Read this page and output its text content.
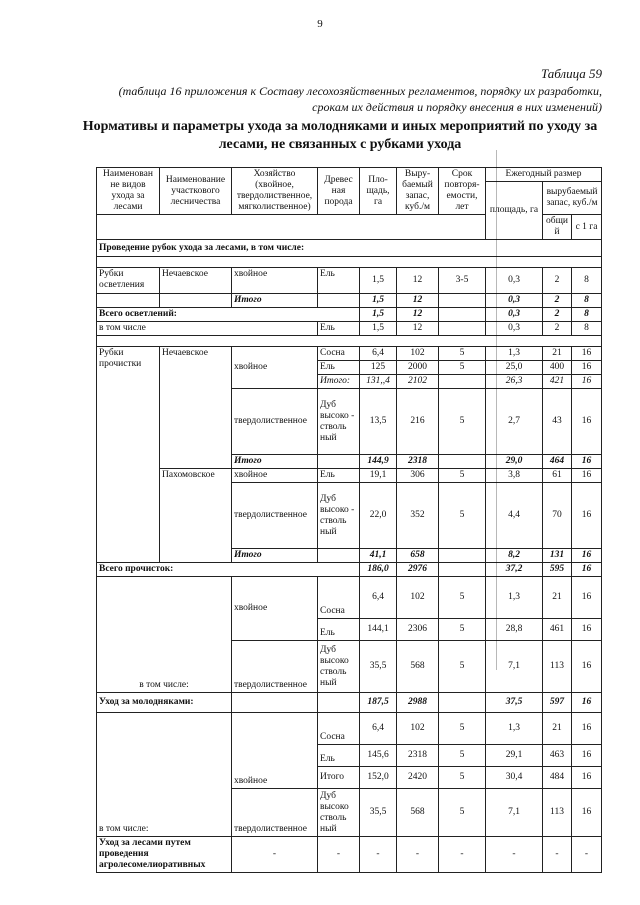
9
Таблица 59
(таблица 16 приложения к Составу лесохозяйственных регламентов, порядку их разработки, срокам их действия и порядку внесения в них изменений)
Нормативы и параметры ухода за молодняками и иных мероприятий по уходу за лесами, не связанных с рубками ухода
Наименован не видов ухода за лесами	Наименование участкового лесничества	Хозяйство (хвойное, твердолиственное, мягколиственное)	Древес ная порода	Пло- щадь, га	Выру- баемый запас, куб./м	Срок повторя- емости, лет	Ежегодный размер		
							площадь, га	вырубаемый запас, куб./м	
								общи й	с 1 га
Проведение рубок ухода за лесами, в том числе:									

Рубки осветления	Нечаевское	хвойное	Ель	1,5	12	3-5	0,3	2	8
		Итого		1,5	12		0,3	2	8
Всего осветлений:				1,5	12		0,3	2	8
в том числе			Ель	1,5	12		0,3	2	8

Рубки прочистки	Нечаевское	хвойное	Сосна	6,4	102	5	1,3	21	16
			Ель	125	2000	5	25,0	400	16
			Итого:	131,,4	2102		26,3	421	16
		твердолиственное	Дуб высоко - стволь ный	13,5	216	5	2,7	43	16
		Итого		144,9	2318		29,0	464	16
	Пахомовское	хвойное	Ель	19,1	306	5	3,8	61	16
		твердолиственное	Дуб высоко - стволь ный	22,0	352	5	4,4	70	16
		Итого		41,1	658		8,2	131	16
Всего прочисток:				186,0	2976		37,2	595	16
в том числе:		хвойное	Сосна	6,4	102	5	1,3	21	16
			Ель	144,1	2306	5	28,8	461	16
		твердолиственное	Дуб высоко стволь ный	35,5	568	5	7,1	113	16
Уход за молодняками:				187,5	2988		37,5	597	16
в том числе:		хвойное	Сосна	6,4	102	5	1,3	21	16
			Ель	145,6	2318	5	29,1	463	16
			Итого	152,0	2420	5	30,4	484	16
		твердолиственное	Дуб высоко стволь ный	35,5	568	5	7,1	113	16
Уход за лесами путем проведения агролесомелиоративных		-	-	-	-	-	-	-	-
